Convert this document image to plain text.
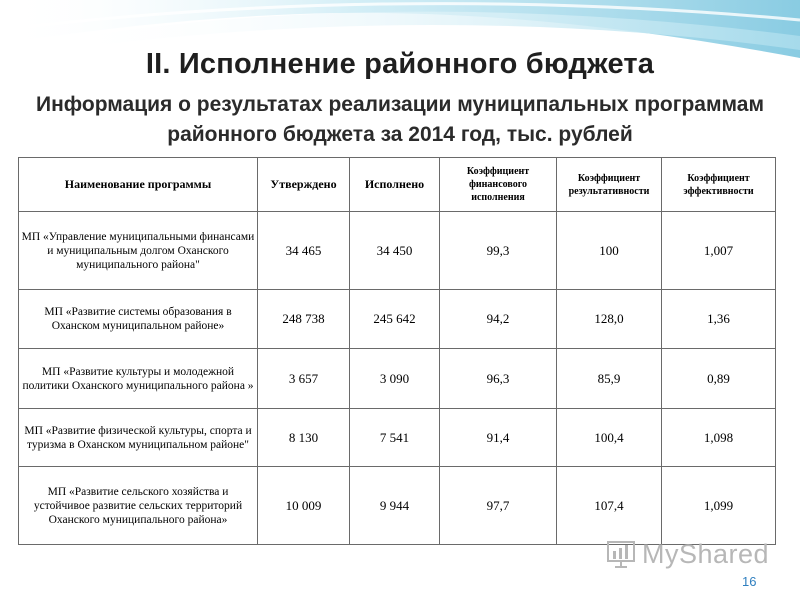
II. Исполнение районного бюджета
Информация о результатах реализации муниципальных программам районного бюджета за 2014 год, тыс. рублей
Наименование программы	Утверждено	Исполнено	Коэффициент финансового исполнения	Коэффициент результативности	Коэффициент эффективности
МП «Управление муниципальными финансами и муниципальным долгом Оханского муниципального района"	34 465	34 450	99,3	100	1,007
МП «Развитие системы образования в Оханском муниципальном районе»	248 738	245 642	94,2	128,0	1,36
МП «Развитие культуры и молодежной политики Оханского муниципального района »	3 657	3 090	96,3	85,9	0,89
МП «Развитие физической культуры, спорта и туризма в Оханском муниципальном районе"	8 130	7 541	91,4	100,4	1,098
МП «Развитие сельского хозяйства и устойчивое развитие сельских территорий Оханского муниципального района»	10 009	9 944	97,7	107,4	1,099
MyShared
16
